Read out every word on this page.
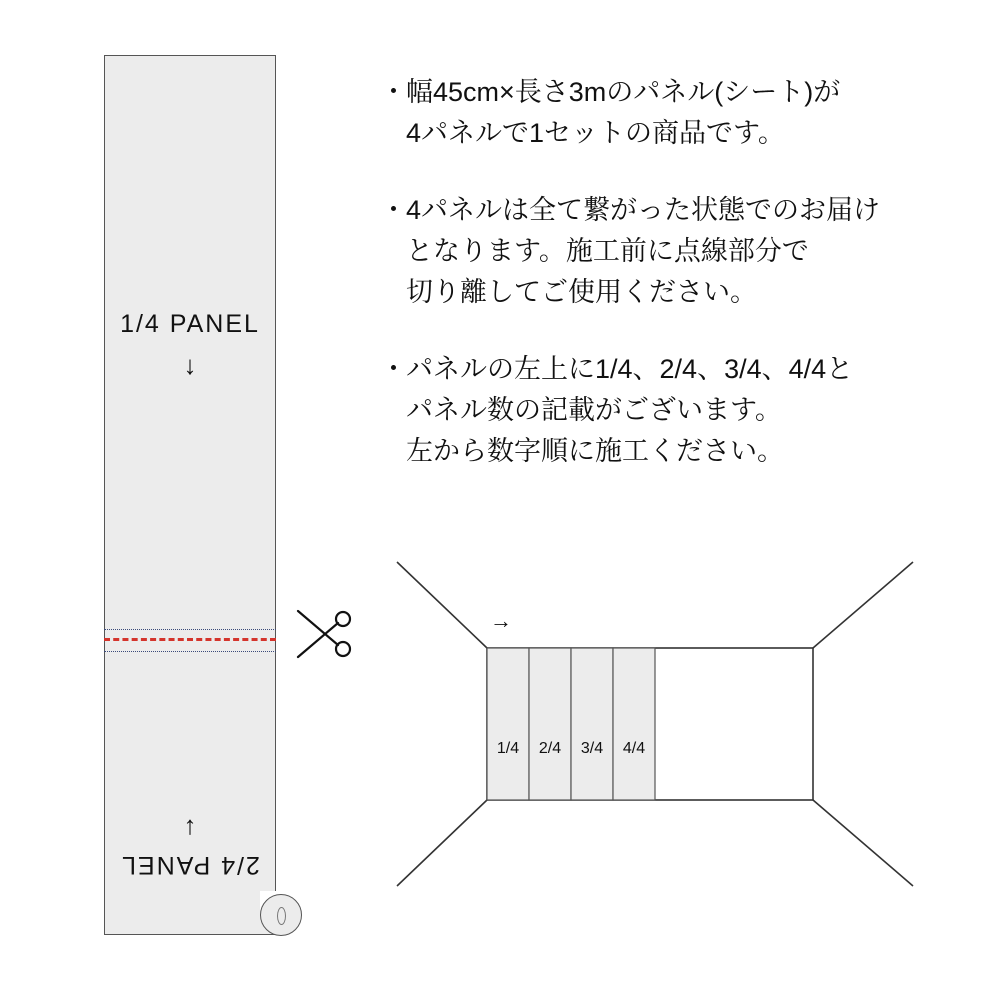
1/4 PANEL
↓
↑
2/4 PANEL
・ 幅45cm×長さ3mのパネル(シート)が
4パネルで1セットの商品です。
・ 4パネルは全て繋がった状態でのお届け
となります。施工前に点線部分で
切り離してご使用ください。
・ パネルの左上に1/4、2/4、3/4、4/4と
パネル数の記載がございます。
左から数字順に施工ください。
→
1/4	2/4	3/4	4/4
